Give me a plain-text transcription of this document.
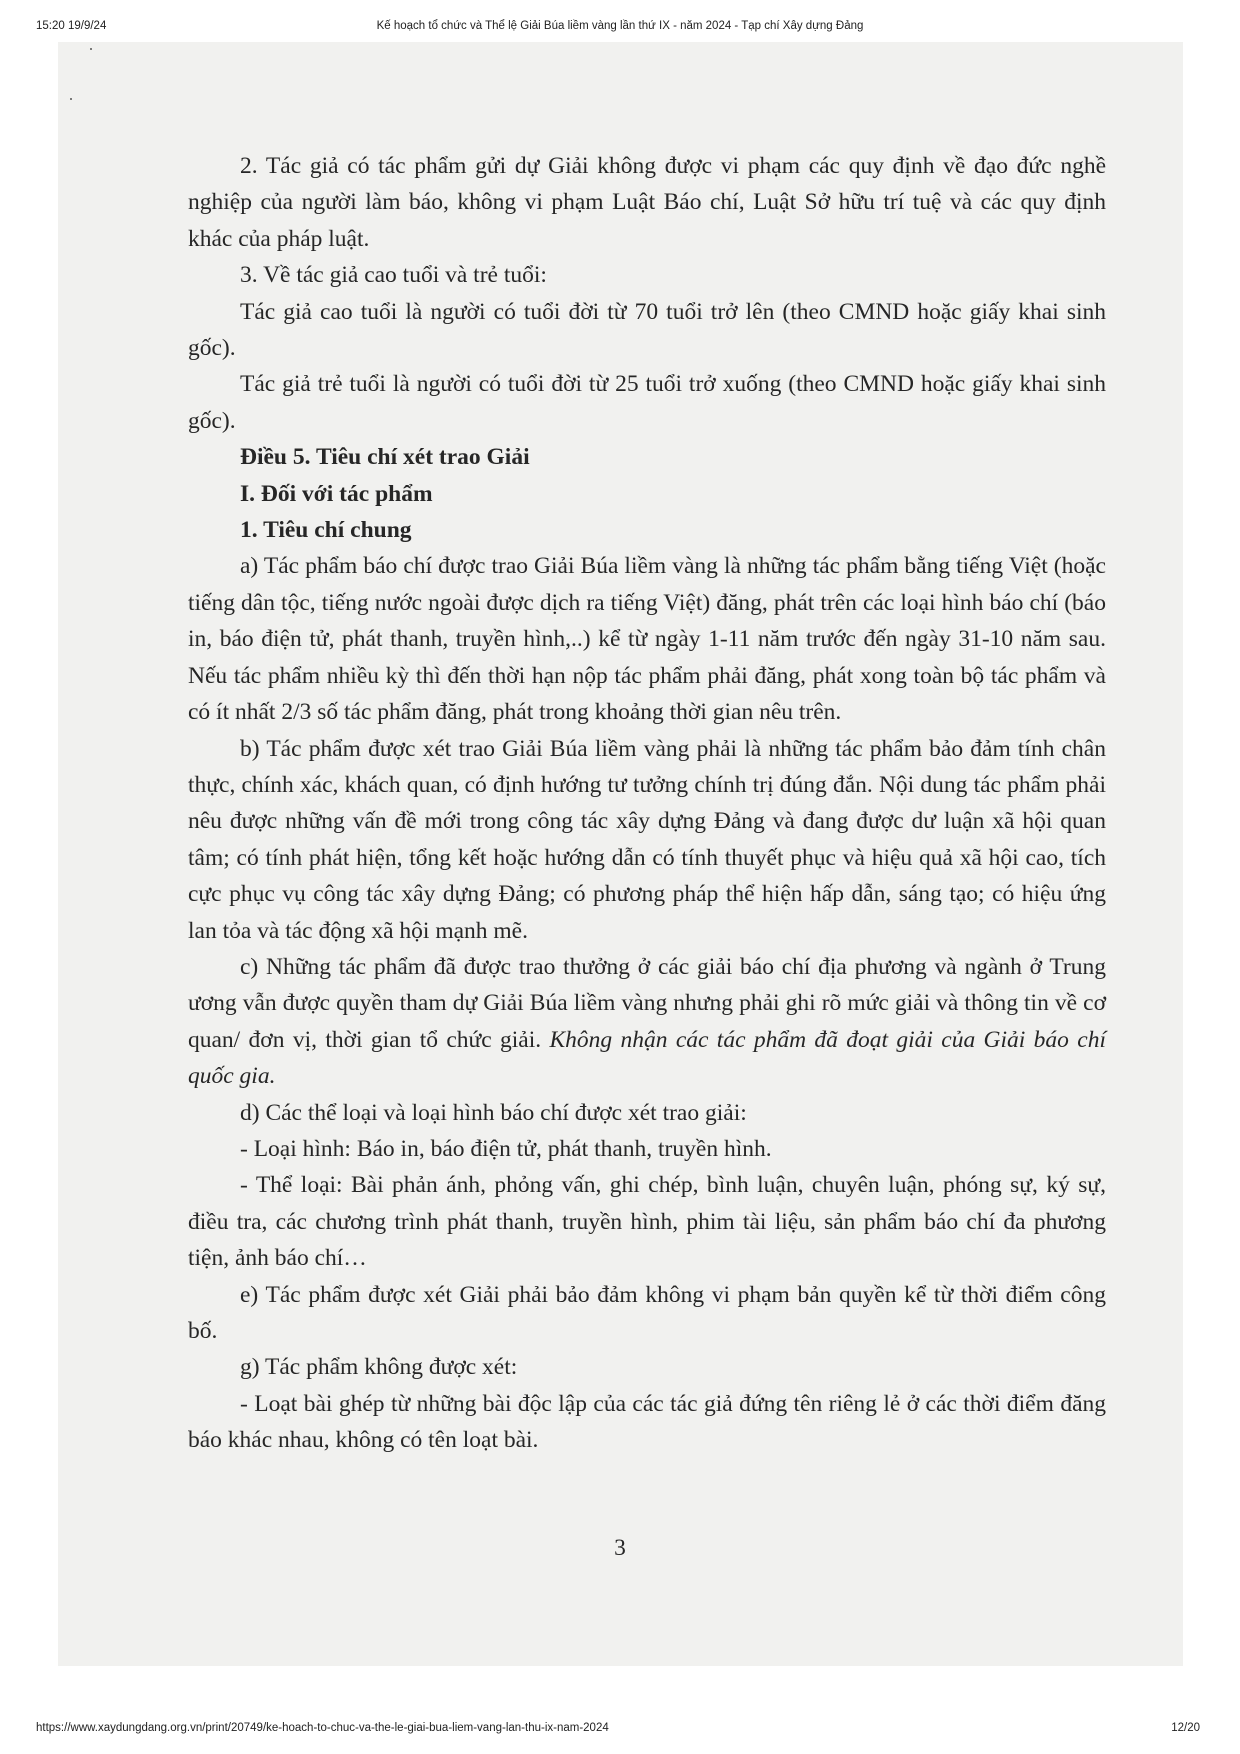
15:20 19/9/24	Kế hoạch tổ chức và Thể lệ Giải Búa liềm vàng lần thứ IX - năm 2024 - Tạp chí Xây dựng Đảng

2. Tác giả có tác phẩm gửi dự Giải không được vi phạm các quy định về đạo đức nghề nghiệp của người làm báo, không vi phạm Luật Báo chí, Luật Sở hữu trí tuệ và các quy định khác của pháp luật.

3. Về tác giả cao tuổi và trẻ tuổi:

Tác giả cao tuổi là người có tuổi đời từ 70 tuổi trở lên (theo CMND hoặc giấy khai sinh gốc).

Tác giả trẻ tuổi là người có tuổi đời từ 25 tuổi trở xuống (theo CMND hoặc giấy khai sinh gốc).

Điều 5. Tiêu chí xét trao Giải

I. Đối với tác phẩm

1. Tiêu chí chung

a) Tác phẩm báo chí được trao Giải Búa liềm vàng là những tác phẩm bằng tiếng Việt (hoặc tiếng dân tộc, tiếng nước ngoài được dịch ra tiếng Việt) đăng, phát trên các loại hình báo chí (báo in, báo điện tử, phát thanh, truyền hình,..) kể từ ngày 1-11 năm trước đến ngày 31-10 năm sau. Nếu tác phẩm nhiều kỳ thì đến thời hạn nộp tác phẩm phải đăng, phát xong toàn bộ tác phẩm và có ít nhất 2/3 số tác phẩm đăng, phát trong khoảng thời gian nêu trên.

b) Tác phẩm được xét trao Giải Búa liềm vàng phải là những tác phẩm bảo đảm tính chân thực, chính xác, khách quan, có định hướng tư tưởng chính trị đúng đắn. Nội dung tác phẩm phải nêu được những vấn đề mới trong công tác xây dựng Đảng và đang được dư luận xã hội quan tâm; có tính phát hiện, tổng kết hoặc hướng dẫn có tính thuyết phục và hiệu quả xã hội cao, tích cực phục vụ công tác xây dựng Đảng; có phương pháp thể hiện hấp dẫn, sáng tạo; có hiệu ứng lan tỏa và tác động xã hội mạnh mẽ.

c) Những tác phẩm đã được trao thưởng ở các giải báo chí địa phương và ngành ở Trung ương vẫn được quyền tham dự Giải Búa liềm vàng nhưng phải ghi rõ mức giải và thông tin về cơ quan/ đơn vị, thời gian tổ chức giải. Không nhận các tác phẩm đã đoạt giải của Giải báo chí quốc gia.

d) Các thể loại và loại hình báo chí được xét trao giải:

- Loại hình: Báo in, báo điện tử, phát thanh, truyền hình.

- Thể loại: Bài phản ánh, phỏng vấn, ghi chép, bình luận, chuyên luận, phóng sự, ký sự, điều tra, các chương trình phát thanh, truyền hình, phim tài liệu, sản phẩm báo chí đa phương tiện, ảnh báo chí…

e) Tác phẩm được xét Giải phải bảo đảm không vi phạm bản quyền kể từ thời điểm công bố.

g) Tác phẩm không được xét:

- Loạt bài ghép từ những bài độc lập của các tác giả đứng tên riêng lẻ ở các thời điểm đăng báo khác nhau, không có tên loạt bài.

3
https://www.xaydungdang.org.vn/print/20749/ke-hoach-to-chuc-va-the-le-giai-bua-liem-vang-lan-thu-ix-nam-2024	12/20
